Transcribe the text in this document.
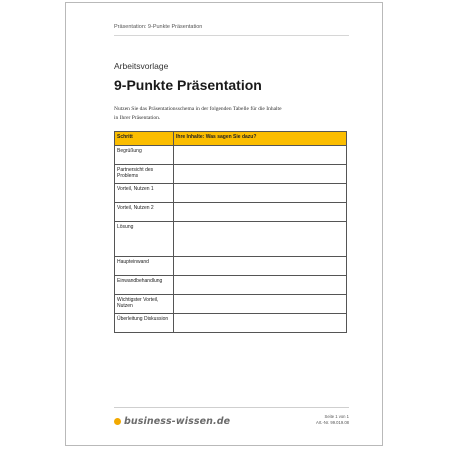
Präsentation: 9-Punkte Präsentation
Arbeitsvorlage
9-Punkte Präsentation
Nutzen Sie das Präsentationsschema in der folgenden Tabelle für die Inhalte
in Ihrer Präsentation.
Schritt	Ihre Inhalte: Was sagen Sie dazu?
Begrüßung	
Partnersicht des Problems	
Vorteil, Nutzen 1	
Vorteil, Nutzen 2	
Lösung	
Haupteinwand	
Einwandbehandlung	
Wichtigster Vorteil, Nutzen	
Überleitung Diskussion	
business-wissen.de	Seite 1 von 1
Art.-Nr. 99.019.08
